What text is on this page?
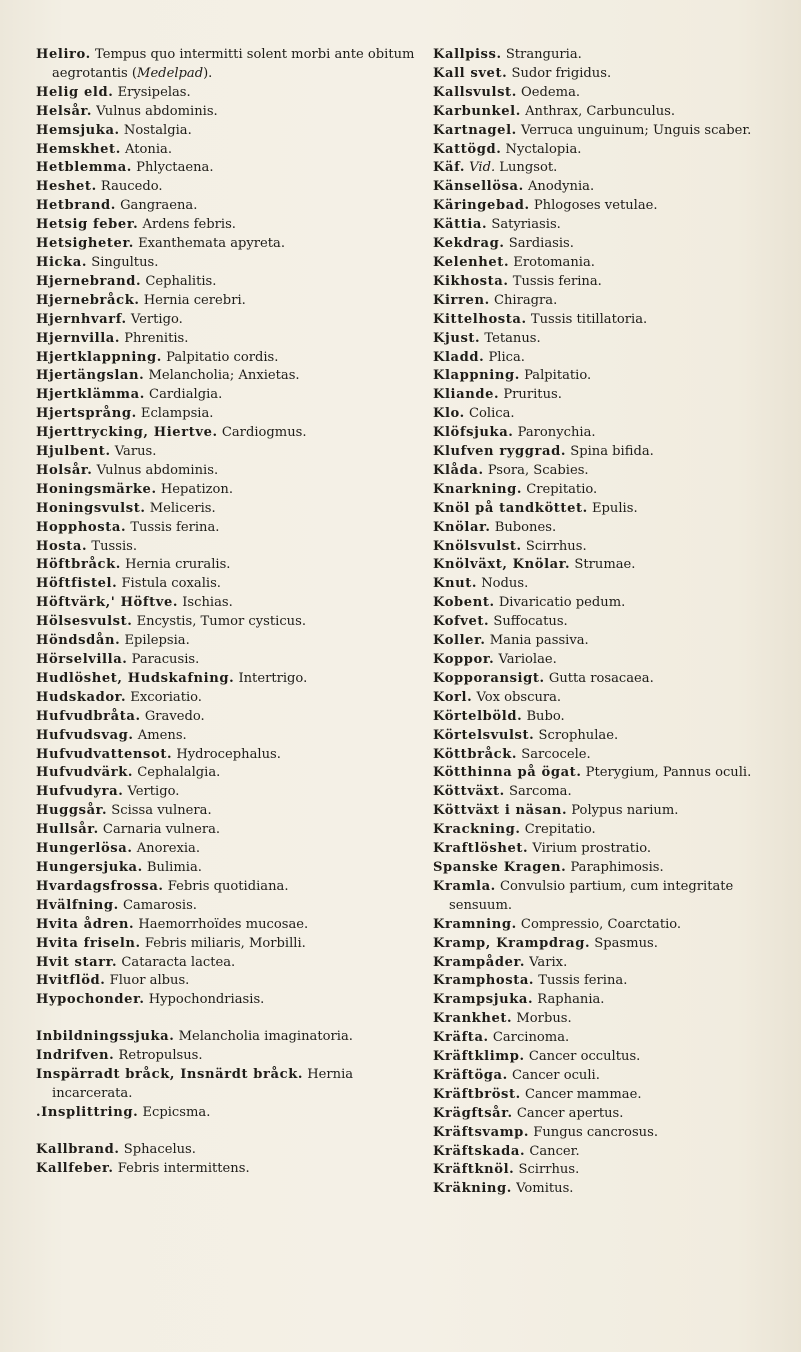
Heliro. Tempus quo intermitti solent morbi ante obitum aegrotantis (Medelpad).
Helig eld. Erysipelas.
Helsår. Vulnus abdominis.
Hemsjuka. Nostalgia.
Hemskhet. Atonia.
Hetblemma. Phlyctaena.
Heshet. Raucedo.
Hetbrand. Gangraena.
Hetsig feber. Ardens febris.
Hetsigheter. Exanthemata apyreta.
Hicka. Singultus.
Hjernebrand. Cephalitis.
Hjernebråck. Hernia cerebri.
Hjernhvarf. Vertigo.
Hjernvilla. Phrenitis.
Hjertklappning. Palpitatio cordis.
Hjertängslan. Melancholia; Anxietas.
Hjertklämma. Cardialgia.
Hjertsprång. Eclampsia.
Hjerttrycking, Hiertve. Cardiogmus.
Hjulbent. Varus.
Holsår. Vulnus abdominis.
Honingsmärke. Hepatizon.
Honingsvulst. Meliceris.
Hopphosta. Tussis ferina.
Hosta. Tussis.
Höftbråck. Hernia cruralis.
Höftfistel. Fistula coxalis.
Höftvärk,' Höftve. Ischias.
Hölsesvulst. Encystis, Tumor cysticus.
Höndsdån. Epilepsia.
Hörselvilla. Paracusis.
Hudlöshet, Hudskafning. Intertrigo.
Hudskador. Excoriatio.
Hufvudbråta. Gravedo.
Hufvudsvag. Amens.
Hufvudvattensot. Hydrocephalus.
Hufvudvärk. Cephalalgia.
Hufvudyra. Vertigo.
Huggsår. Scissa vulnera.
Hullsår. Carnaria vulnera.
Hungerlösa. Anorexia.
Hungersjuka. Bulimia.
Hvardagsfrossa. Febris quotidiana.
Hvälfning. Camarosis.
Hvita ådren. Haemorrhoïdes mucosae.
Hvita friseln. Febris miliaris, Morbilli.
Hvit starr. Cataracta lactea.
Hvitflöd. Fluor albus.
Hypochonder. Hypochondriasis.
Inbildningssjuka. Melancholia imaginatoria.
Indrifven. Retropulsus.
Inspärradt bråck, Insnärdt bråck. Hernia incarcerata.
.Insplittring. Ecpicsma.
Kallbrand. Sphacelus.
Kallfeber. Febris intermittens.
Kallpiss. Stranguria.
Kall svet. Sudor frigidus.
Kallsvulst. Oedema.
Karbunkel. Anthrax, Carbunculus.
Kartnagel. Verruca unguinum; Unguis scaber.
Kattögd. Nyctalopia.
Käf. Vid. Lungsot.
Känsellösa. Anodynia.
Käringebad. Phlogoses vetulae.
Kättia. Satyriasis.
Kekdrag. Sardiasis.
Kelenhet. Erotomania.
Kikhosta. Tussis ferina.
Kirren. Chiragra.
Kittelhosta. Tussis titillatoria.
Kjust. Tetanus.
Kladd. Plica.
Klappning. Palpitatio.
Kliande. Pruritus.
Klo. Colica.
Klöfsjuka. Paronychia.
Klufven ryggrad. Spina bifida.
Klåda. Psora, Scabies.
Knarkning. Crepitatio.
Knöl på tandköttet. Epulis.
Knölar. Bubones.
Knölsvulst. Scirrhus.
Knölväxt, Knölar. Strumae.
Knut. Nodus.
Kobent. Divaricatio pedum.
Kofvet. Suffocatus.
Koller. Mania passiva.
Koppor. Variolae.
Kopporansigt. Gutta rosacaea.
Korl. Vox obscura.
Körtelböld. Bubo.
Körtelsvulst. Scrophulae.
Köttbråck. Sarcocele.
Kötthinna på ögat. Pterygium, Pannus oculi.
Köttväxt. Sarcoma.
Köttväxt i näsan. Polypus narium.
Krackning. Crepitatio.
Kraftlöshet. Virium prostratio.
Spanske Kragen. Paraphimosis.
Kramla. Convulsio partium, cum integritate sensuum.
Kramning. Compressio, Coarctatio.
Kramp, Krampdrag. Spasmus.
Krampåder. Varix.
Kramphosta. Tussis ferina.
Krampsjuka. Raphania.
Krankhet. Morbus.
Kräfta. Carcinoma.
Kräftklimp. Cancer occultus.
Kräftöga. Cancer oculi.
Kräftbröst. Cancer mammae.
Krägftsår. Cancer apertus.
Kräftsvamp. Fungus cancrosus.
Kräftskada. Cancer.
Kräftknöl. Scirrhus.
Kräkning. Vomitus.
